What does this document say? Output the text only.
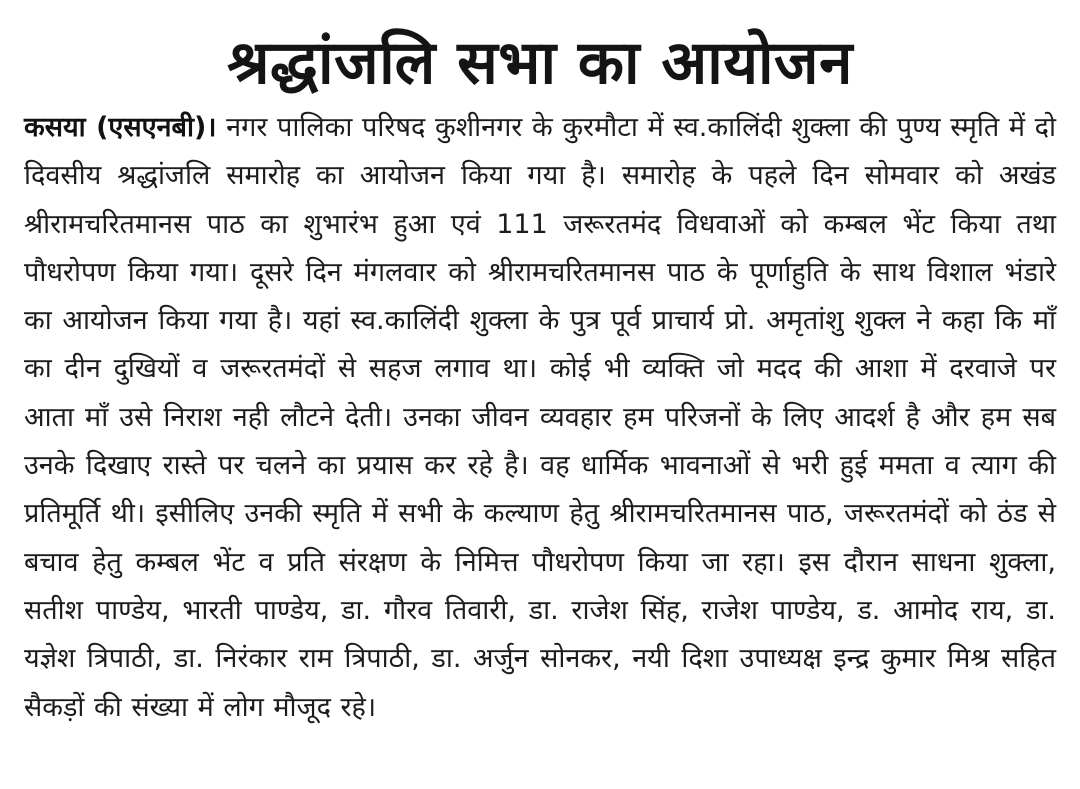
श्रद्धांजलि सभा का आयोजन

कसया (एसएनबी)। नगर पालिका परिषद कुशीनगर के कुरमौटा में स्व.कालिंदी शुक्ला की पुण्य स्मृति में दो दिवसीय श्रद्धांजलि समारोह का आयोजन किया गया है। समारोह के पहले दिन सोमवार को अखंड श्रीरामचरितमानस पाठ का शुभारंभ हुआ एवं 111 जरूरतमंद विधवाओं को कम्बल भेंट किया तथा पौधरोपण किया गया। दूसरे दिन मंगलवार को श्रीरामचरितमानस पाठ के पूर्णाहुति के साथ विशाल भंडारे का आयोजन किया गया है। यहां स्व.कालिंदी शुक्ला के पुत्र पूर्व प्राचार्य प्रो. अमृतांशु शुक्ल ने कहा कि माँ का दीन दुखियों व जरूरतमंदों से सहज लगाव था। कोई भी व्यक्ति जो मदद की आशा में दरवाजे पर आता माँ उसे निराश नही लौटने देती। उनका जीवन व्यवहार हम परिजनों के लिए आदर्श है और हम सब उनके दिखाए रास्ते पर चलने का प्रयास कर रहे है। वह धार्मिक भावनाओं से भरी हुई ममता व त्याग की प्रतिमूर्ति थी। इसीलिए उनकी स्मृति में सभी के कल्याण हेतु श्रीरामचरितमानस पाठ, जरूरतमंदों को ठंड से बचाव हेतु कम्बल भेंट व प्रति संरक्षण के निमित्त पौधरोपण किया जा रहा। इस दौरान साधना शुक्ला, सतीश पाण्डेय, भारती पाण्डेय, डा. गौरव तिवारी, डा. राजेश सिंह, राजेश पाण्डेय, ड. आमोद राय, डा. यज्ञेश त्रिपाठी, डा. निरंकार राम त्रिपाठी, डा. अर्जुन सोनकर, नयी दिशा उपाध्यक्ष इन्द्र कुमार मिश्र सहित सैकड़ों की संख्या में लोग मौजूद रहे।
